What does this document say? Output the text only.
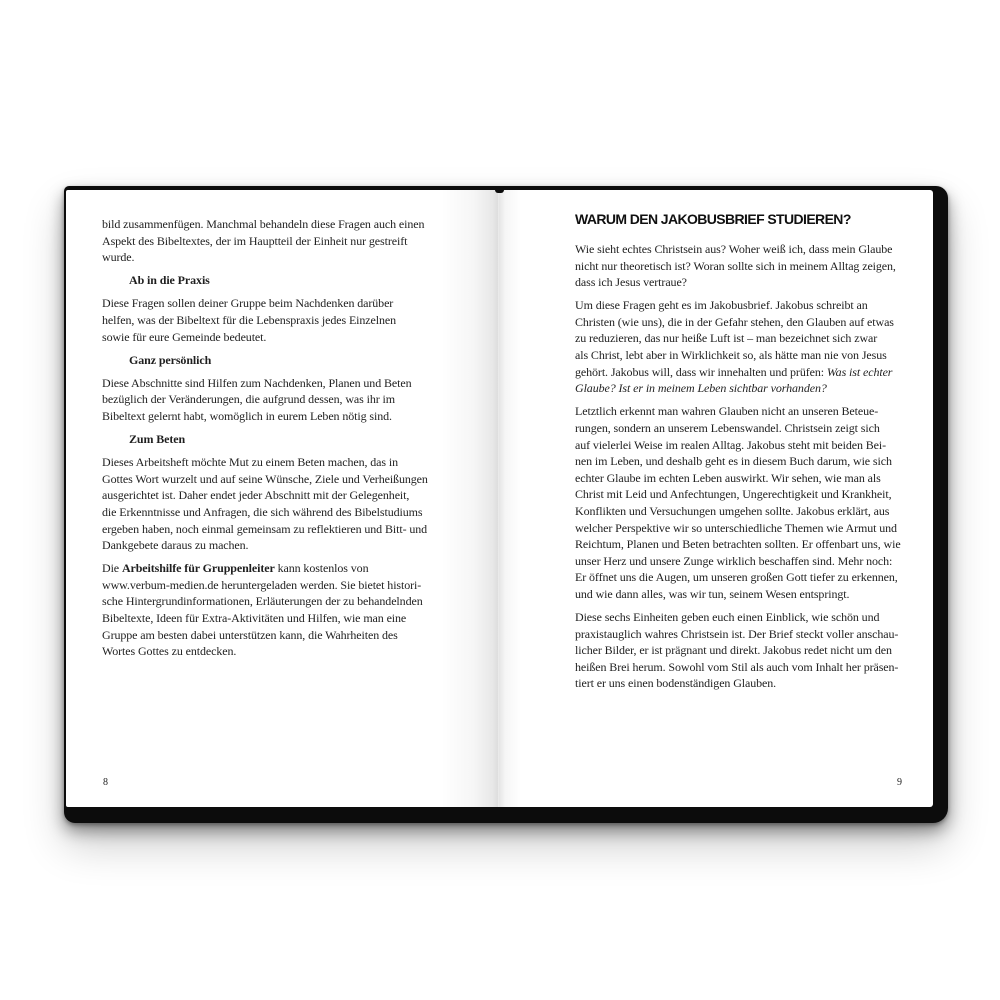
bild zusammenfügen. Manchmal behandeln diese Fragen auch einen
Aspekt des Bibeltextes, der im Hauptteil der Einheit nur gestreift
wurde.
Ab in die Praxis
Diese Fragen sollen deiner Gruppe beim Nachdenken darüber
helfen, was der Bibeltext für die Lebenspraxis jedes Einzelnen
sowie für eure Gemeinde bedeutet.
Ganz persönlich
Diese Abschnitte sind Hilfen zum Nachdenken, Planen und Beten
bezüglich der Veränderungen, die aufgrund dessen, was ihr im
Bibeltext gelernt habt, womöglich in eurem Leben nötig sind.
Zum Beten
Dieses Arbeitsheft möchte Mut zu einem Beten machen, das in
Gottes Wort wurzelt und auf seine Wünsche, Ziele und Verheißungen
ausgerichtet ist. Daher endet jeder Abschnitt mit der Gelegenheit,
die Erkenntnisse und Anfragen, die sich während des Bibelstudiums
ergeben haben, noch einmal gemeinsam zu reflektieren und Bitt- und
Dankgebete daraus zu machen.
Die Arbeitshilfe für Gruppenleiter kann kostenlos von
www.verbum-medien.de heruntergeladen werden. Sie bietet histori-
sche Hintergrundinformationen, Erläuterungen der zu behandelnden
Bibeltexte, Ideen für Extra-Aktivitäten und Hilfen, wie man eine
Gruppe am besten dabei unterstützen kann, die Wahrheiten des
Wortes Gottes zu entdecken.
8
WARUM DEN JAKOBUSBRIEF STUDIEREN?
Wie sieht echtes Christsein aus? Woher weiß ich, dass mein Glaube
nicht nur theoretisch ist? Woran sollte sich in meinem Alltag zeigen,
dass ich Jesus vertraue?
Um diese Fragen geht es im Jakobusbrief. Jakobus schreibt an
Christen (wie uns), die in der Gefahr stehen, den Glauben auf etwas
zu reduzieren, das nur heiße Luft ist – man bezeichnet sich zwar
als Christ, lebt aber in Wirklichkeit so, als hätte man nie von Jesus
gehört. Jakobus will, dass wir innehalten und prüfen: Was ist echter
Glaube? Ist er in meinem Leben sichtbar vorhanden?
Letztlich erkennt man wahren Glauben nicht an unseren Beteue-
rungen, sondern an unserem Lebenswandel. Christsein zeigt sich
auf vielerlei Weise im realen Alltag. Jakobus steht mit beiden Bei-
nen im Leben, und deshalb geht es in diesem Buch darum, wie sich
echter Glaube im echten Leben auswirkt. Wir sehen, wie man als
Christ mit Leid und Anfechtungen, Ungerechtigkeit und Krankheit,
Konflikten und Versuchungen umgehen sollte. Jakobus erklärt, aus
welcher Perspektive wir so unterschiedliche Themen wie Armut und
Reichtum, Planen und Beten betrachten sollten. Er offenbart uns, wie
unser Herz und unsere Zunge wirklich beschaffen sind. Mehr noch:
Er öffnet uns die Augen, um unseren großen Gott tiefer zu erkennen,
und wie dann alles, was wir tun, seinem Wesen entspringt.
Diese sechs Einheiten geben euch einen Einblick, wie schön und
praxistauglich wahres Christsein ist. Der Brief steckt voller anschau-
licher Bilder, er ist prägnant und direkt. Jakobus redet nicht um den
heißen Brei herum. Sowohl vom Stil als auch vom Inhalt her präsen-
tiert er uns einen bodenständigen Glauben.
9
